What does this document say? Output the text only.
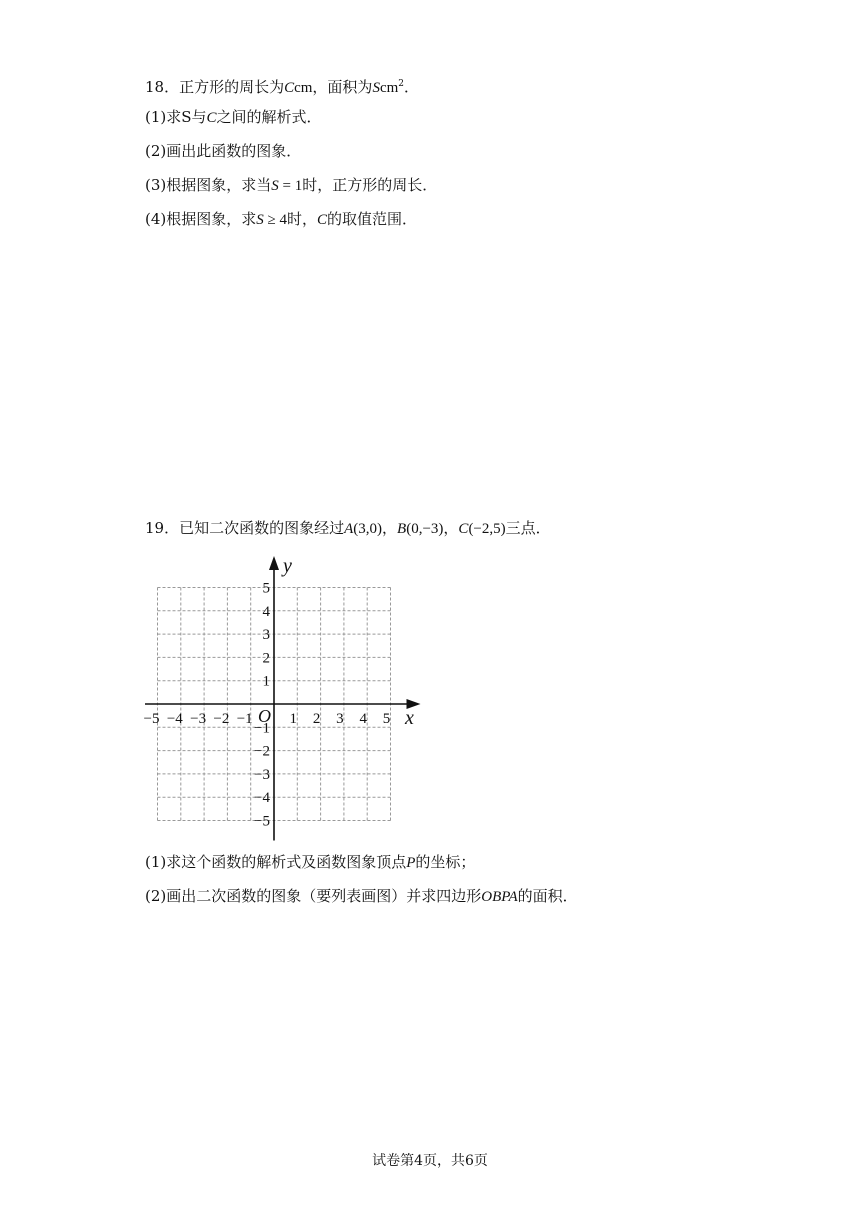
18．正方形的周长为Ccm，面积为Scm$^2$．
(1)求S与C之间的解析式．
(2)画出此函数的图象．
(3)根据图象，求当S = 1时，正方形的周长．
(4)根据图象，求S ≥ 4时，C的取值范围．
19．已知二次函数的图象经过A(3,0)，B(0,−3)，C(−2,5)三点．
−5 −4 −3 −2 −1 1 2 3 4 5
5
4
3
2
1
−1
−2
−3
−4
−5
x
y
O
(1)求这个函数的解析式及函数图象顶点P的坐标；
(2)画出二次函数的图象（要列表画图）并求四边形OBPA的面积．
试卷第4页，共6页
